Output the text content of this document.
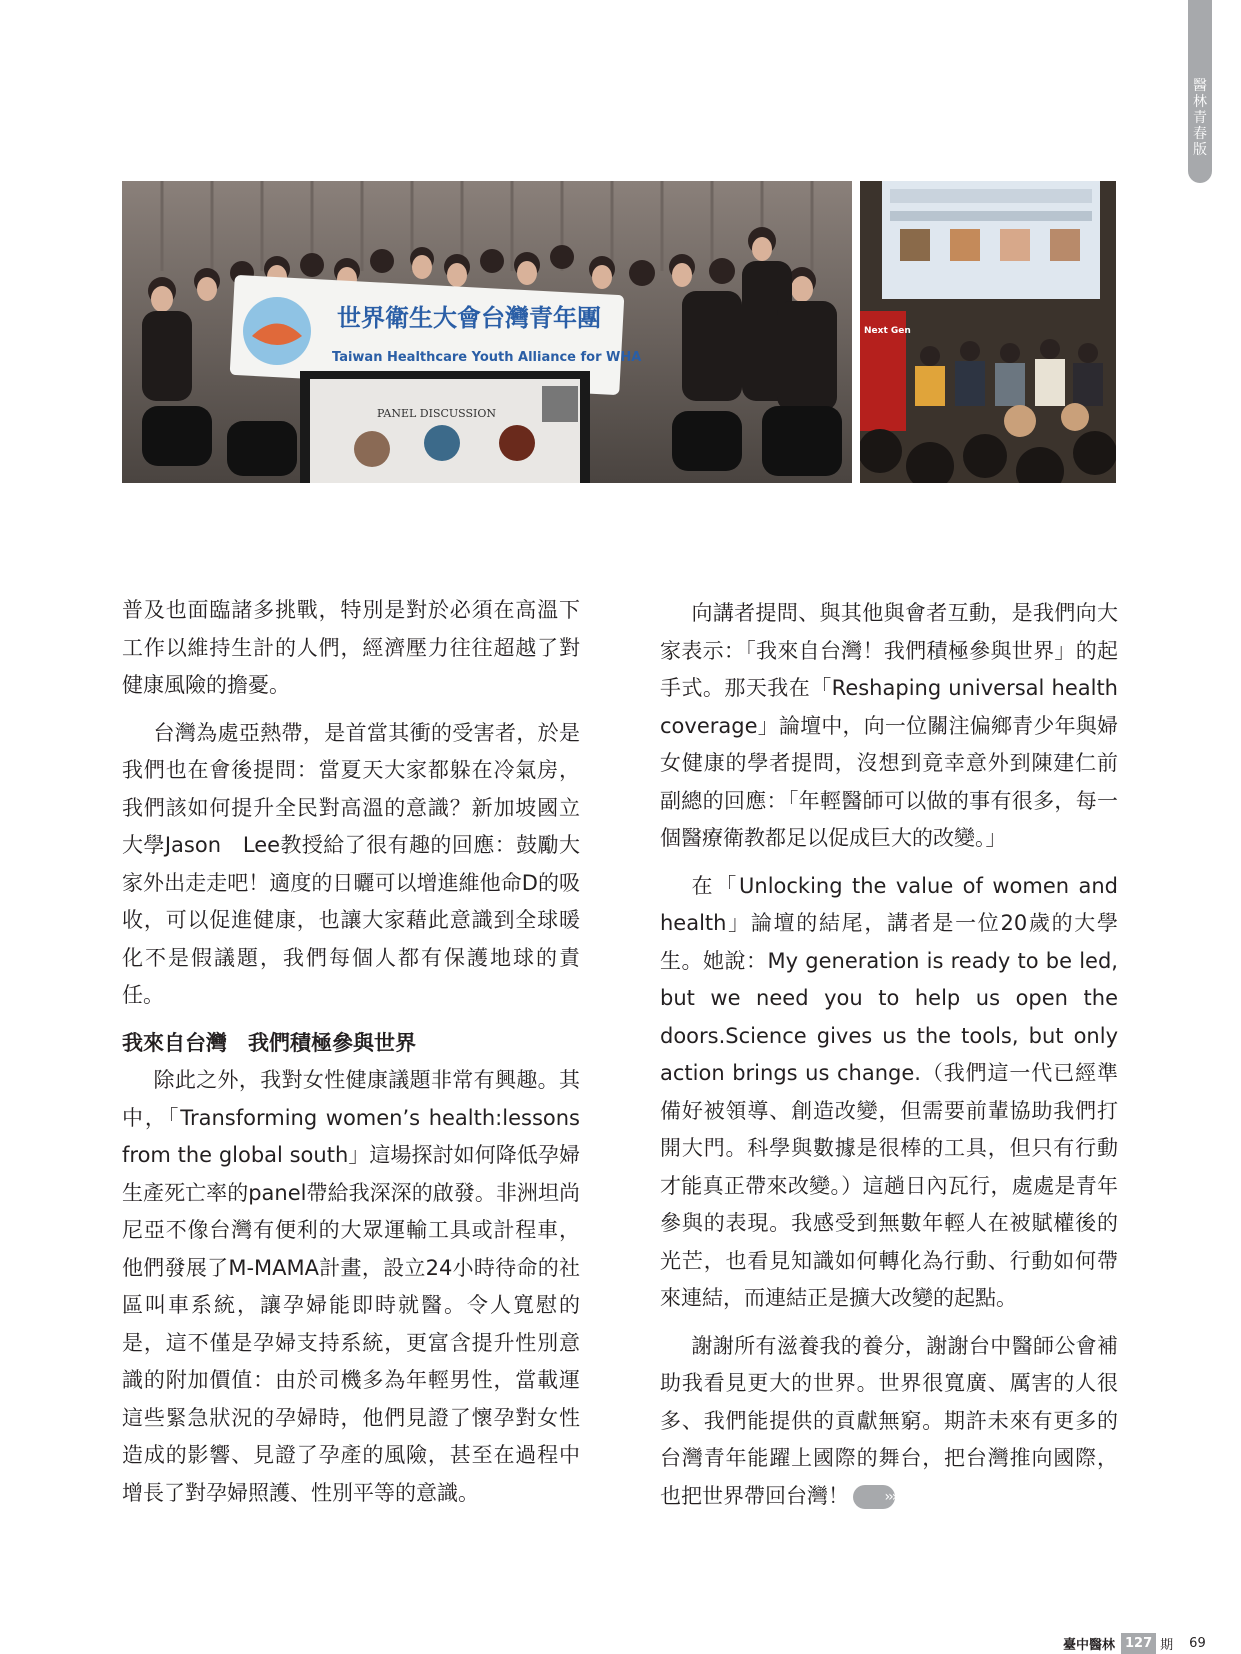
醫
林
青
春
版
世界衛生大會台灣青年團
Taiwan Healthcare Youth Alliance for WHA
PANEL DISCUSSION
Next Gen

普及也面臨諸多挑戰，特別是對於必須在高溫下工作以維持生計的人們，經濟壓力往往超越了對健康風險的擔憂。

台灣為處亞熱帶，是首當其衝的受害者，於是我們也在會後提問：當夏天大家都躲在冷氣房，我們該如何提升全民對高溫的意識？新加坡國立大學Jason　Lee教授給了很有趣的回應：鼓勵大家外出走走吧！適度的日曬可以增進維他命D的吸收，可以促進健康，也讓大家藉此意識到全球暖化不是假議題，我們每個人都有保護地球的責任。

我來自台灣　我們積極參與世界

除此之外，我對女性健康議題非常有興趣。其中，「Transforming women’s health:lessons from the global south」這場探討如何降低孕婦生產死亡率的panel帶給我深深的啟發。非洲坦尚尼亞不像台灣有便利的大眾運輸工具或計程車，他們發展了M-MAMA計畫，設立24小時待命的社區叫車系統，讓孕婦能即時就醫。令人寬慰的是，這不僅是孕婦支持系統，更富含提升性別意識的附加價值：由於司機多為年輕男性，當載運這些緊急狀況的孕婦時，他們見證了懷孕對女性造成的影響、見證了孕產的風險，甚至在過程中增長了對孕婦照護、性別平等的意識。

向講者提問、與其他與會者互動，是我們向大家表示：「我來自台灣！我們積極參與世界」的起手式。那天我在「Reshaping universal health coverage」論壇中，向一位關注偏鄉青少年與婦女健康的學者提問，沒想到竟幸意外到陳建仁前副總的回應：「年輕醫師可以做的事有很多，每一個醫療衛教都足以促成巨大的改變。」

在「Unlocking the value of women and health」論壇的結尾，講者是一位20歲的大學生。她說：My generation is ready to be led, but we need you to help us open the doors.Science gives us the tools, but only action brings us change.（我們這一代已經準備好被領導、創造改變，但需要前輩協助我們打開大門。科學與數據是很棒的工具，但只有行動才能真正帶來改變。）這趟日內瓦行，處處是青年參與的表現。我感受到無數年輕人在被賦權後的光芒，也看見知識如何轉化為行動、行動如何帶來連結，而連結正是擴大改變的起點。

謝謝所有滋養我的養分，謝謝台中醫師公會補助我看見更大的世界。世界很寬廣、厲害的人很多、我們能提供的貢獻無窮。期許未來有更多的台灣青年能躍上國際的舞台，把台灣推向國際，也把世界帶回台灣！	›››

臺中醫林 127 期 69
